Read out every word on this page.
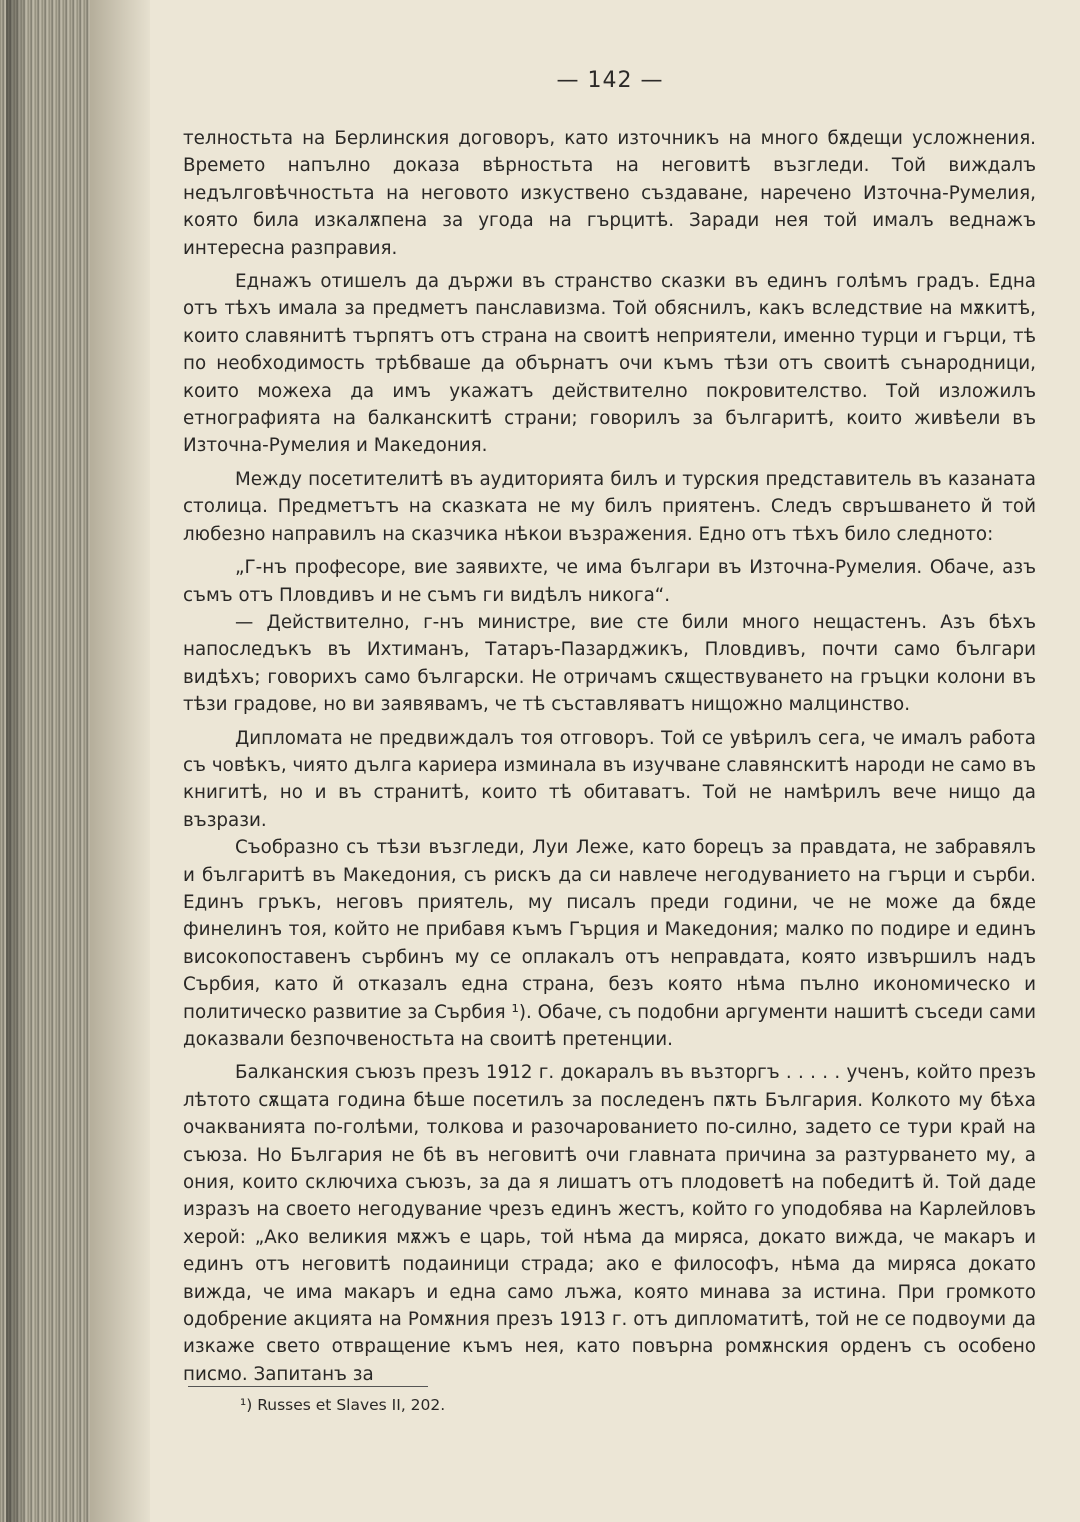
— 142 —

телностьта на Берлинския договоръ, като източникъ на много бѫдещи усложнения. Времето напълно доказа вѣрностьта на неговитѣ възгледи. Той виждалъ недълговѣчностьта на неговото изкуствено създаване, наречено Източна-Румелия, която била изкалѫпена за угода на гърцитѣ. Заради нея той ималъ веднажъ интересна разправия.

Еднажъ отишелъ да държи въ странство сказки въ единъ голѣмъ градъ. Една отъ тѣхъ имала за предметъ панславизма. Той обяснилъ, какъ вследствие на мѫкитѣ, които славянитѣ търпятъ отъ страна на своитѣ неприятели, именно турци и гърци, тѣ по необходимость трѣбваше да обърнатъ очи къмъ тѣзи отъ своитѣ сънародници, които можеха да имъ укажатъ действително покровителство. Той изложилъ етнографията на балканскитѣ страни; говорилъ за българитѣ, които живѣели въ Източна-Румелия и Македония.

Между посетителитѣ въ аудиторията билъ и турския представитель въ казаната столица. Предметътъ на сказката не му билъ приятенъ. Следъ свръшването й той любезно направилъ на сказчика нѣкои възражения. Едно отъ тѣхъ било следното:

„Г-нъ професоре, вие заявихте, че има българи въ Източна-Румелия. Обаче, азъ съмъ отъ Пловдивъ и не съмъ ги видѣлъ никога“.

— Действително, г-нъ министре, вие сте били много нещастенъ. Азъ бѣхъ напоследъкъ въ Ихтиманъ, Татаръ-Пазарджикъ, Пловдивъ, почти само българи видѣхъ; говорихъ само български. Не отричамъ сѫществуването на гръцки колони въ тѣзи градове, но ви заявявамъ, че тѣ съставляватъ нищожно малцинство.

Дипломата не предвиждалъ тоя отговоръ. Той се увѣрилъ сега, че ималъ работа съ човѣкъ, чиято дълга кариера изминала въ изучване славянскитѣ народи не само въ книгитѣ, но и въ странитѣ, които тѣ обитаватъ. Той не намѣрилъ вече нищо да възрази.

Съобразно съ тѣзи възгледи, Луи Леже, като борецъ за правдата, не забравялъ и българитѣ въ Македония, съ рискъ да си навлече негодуванието на гърци и сърби. Единъ гръкъ, неговъ приятель, му писалъ преди години, че не може да бѫде финелинъ тоя, който не прибавя къмъ Гърция и Македония; малко по подире и единъ високопоставенъ сърбинъ му се оплакалъ отъ неправдата, която извършилъ надъ Сърбия, като й отказалъ една страна, безъ която нѣма пълно икономическо и политическо развитие за Сърбия ¹). Обаче, съ подобни аргументи нашитѣ съседи сами доказвали безпочвеностьта на своитѣ претенции.

Балканския съюзъ презъ 1912 г. докаралъ въ възторгъ . . . . . ученъ, който презъ лѣтото сѫщата година бѣше посетилъ за последенъ пѫть България. Колкото му бѣха очакванията по-голѣми, толкова и разочарованието по-силно, задето се тури край на съюза. Но България не бѣ въ неговитѣ очи главната причина за разтурването му, а ония, които сключиха съюзъ, за да я лишатъ отъ плодоветѣ на победитѣ й. Той даде изразъ на своето негодувание чрезъ единъ жестъ, който го уподобява на Карлейловъ херой: „Ако великия мѫжъ е царь, той нѣма да миряса, докато вижда, че макаръ и единъ отъ неговитѣ подаиници страда; ако е философъ, нѣма да миряса докато вижда, че има макаръ и една само лъжа, която минава за истина. При громкото одобрение акцията на Ромѫния презъ 1913 г. отъ дипломатитѣ, той не се подвоуми да изкаже свето отвращение къмъ нея, като повърна ромѫнския орденъ съ особено писмо. Запитанъ за

¹) Russes et Slaves II, 202.
